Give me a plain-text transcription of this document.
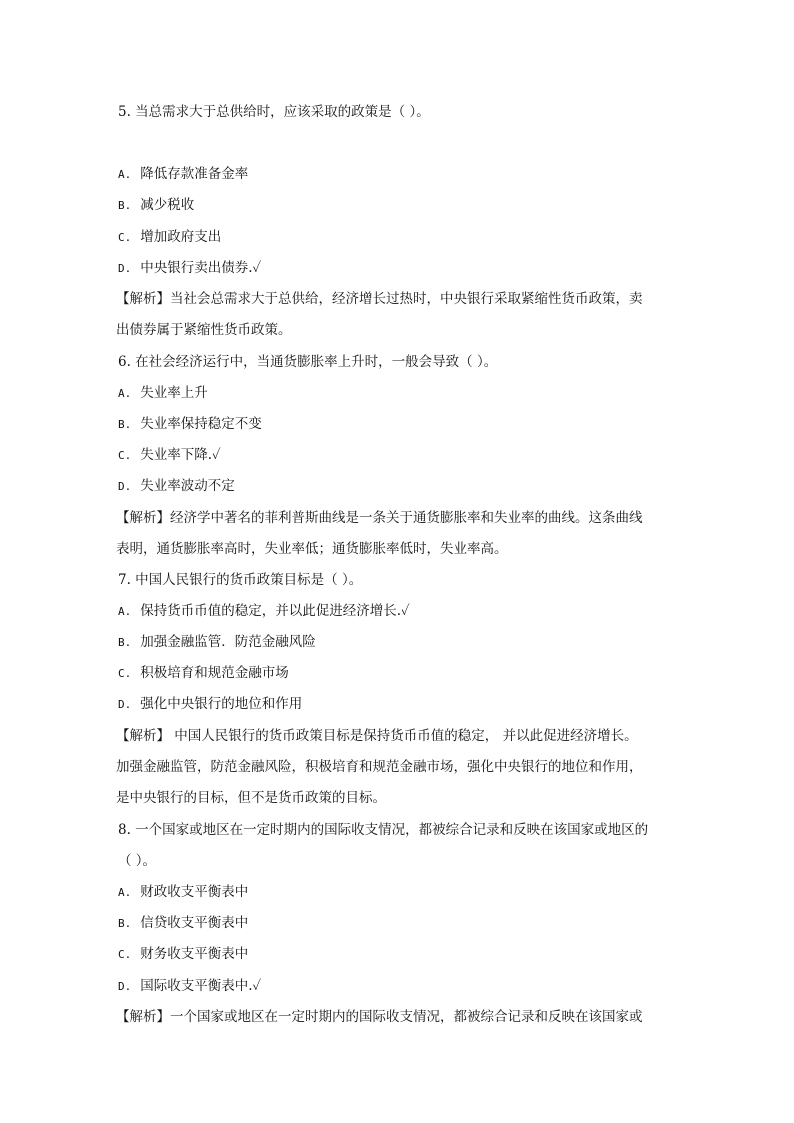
5. 当总需求大于总供给时，应该采取的政策是（ ）。
A. 降低存款准备金率
B. 减少税收
C. 增加政府支出
D. 中央银行卖出债券.✓
【解析】当社会总需求大于总供给，经济增长过热时，中央银行采取紧缩性货币政策，卖
出债券属于紧缩性货币政策。
6. 在社会经济运行中，当通货膨胀率上升时，一般会导致（ ）。
A. 失业率上升
B. 失业率保持稳定不变
C. 失业率下降.✓
D. 失业率波动不定
【解析】经济学中著名的菲利普斯曲线是一条关于通货膨胀率和失业率的曲线。这条曲线
表明，通货膨胀率高时，失业率低；通货膨胀率低时，失业率高。
7. 中国人民银行的货币政策目标是（ ）。
A. 保持货币币值的稳定，并以此促进经济增长.✓
B. 加强金融监管．防范金融风险
C. 积极培育和规范金融市场
D. 强化中央银行的地位和作用
【解析】 中国人民银行的货币政策目标是保持货币币值的稳定， 并以此促进经济增长。
加强金融监管，防范金融风险，积极培育和规范金融市场，强化中央银行的地位和作用，
是中央银行的目标，但不是货币政策的目标。
8. 一个国家或地区在一定时期内的国际收支情况，都被综合记录和反映在该国家或地区的
（ ）。
A. 财政收支平衡表中
B. 信贷收支平衡表中
C. 财务收支平衡表中
D. 国际收支平衡表中.✓
【解析】一个国家或地区在一定时期内的国际收支情况，都被综合记录和反映在该国家或
